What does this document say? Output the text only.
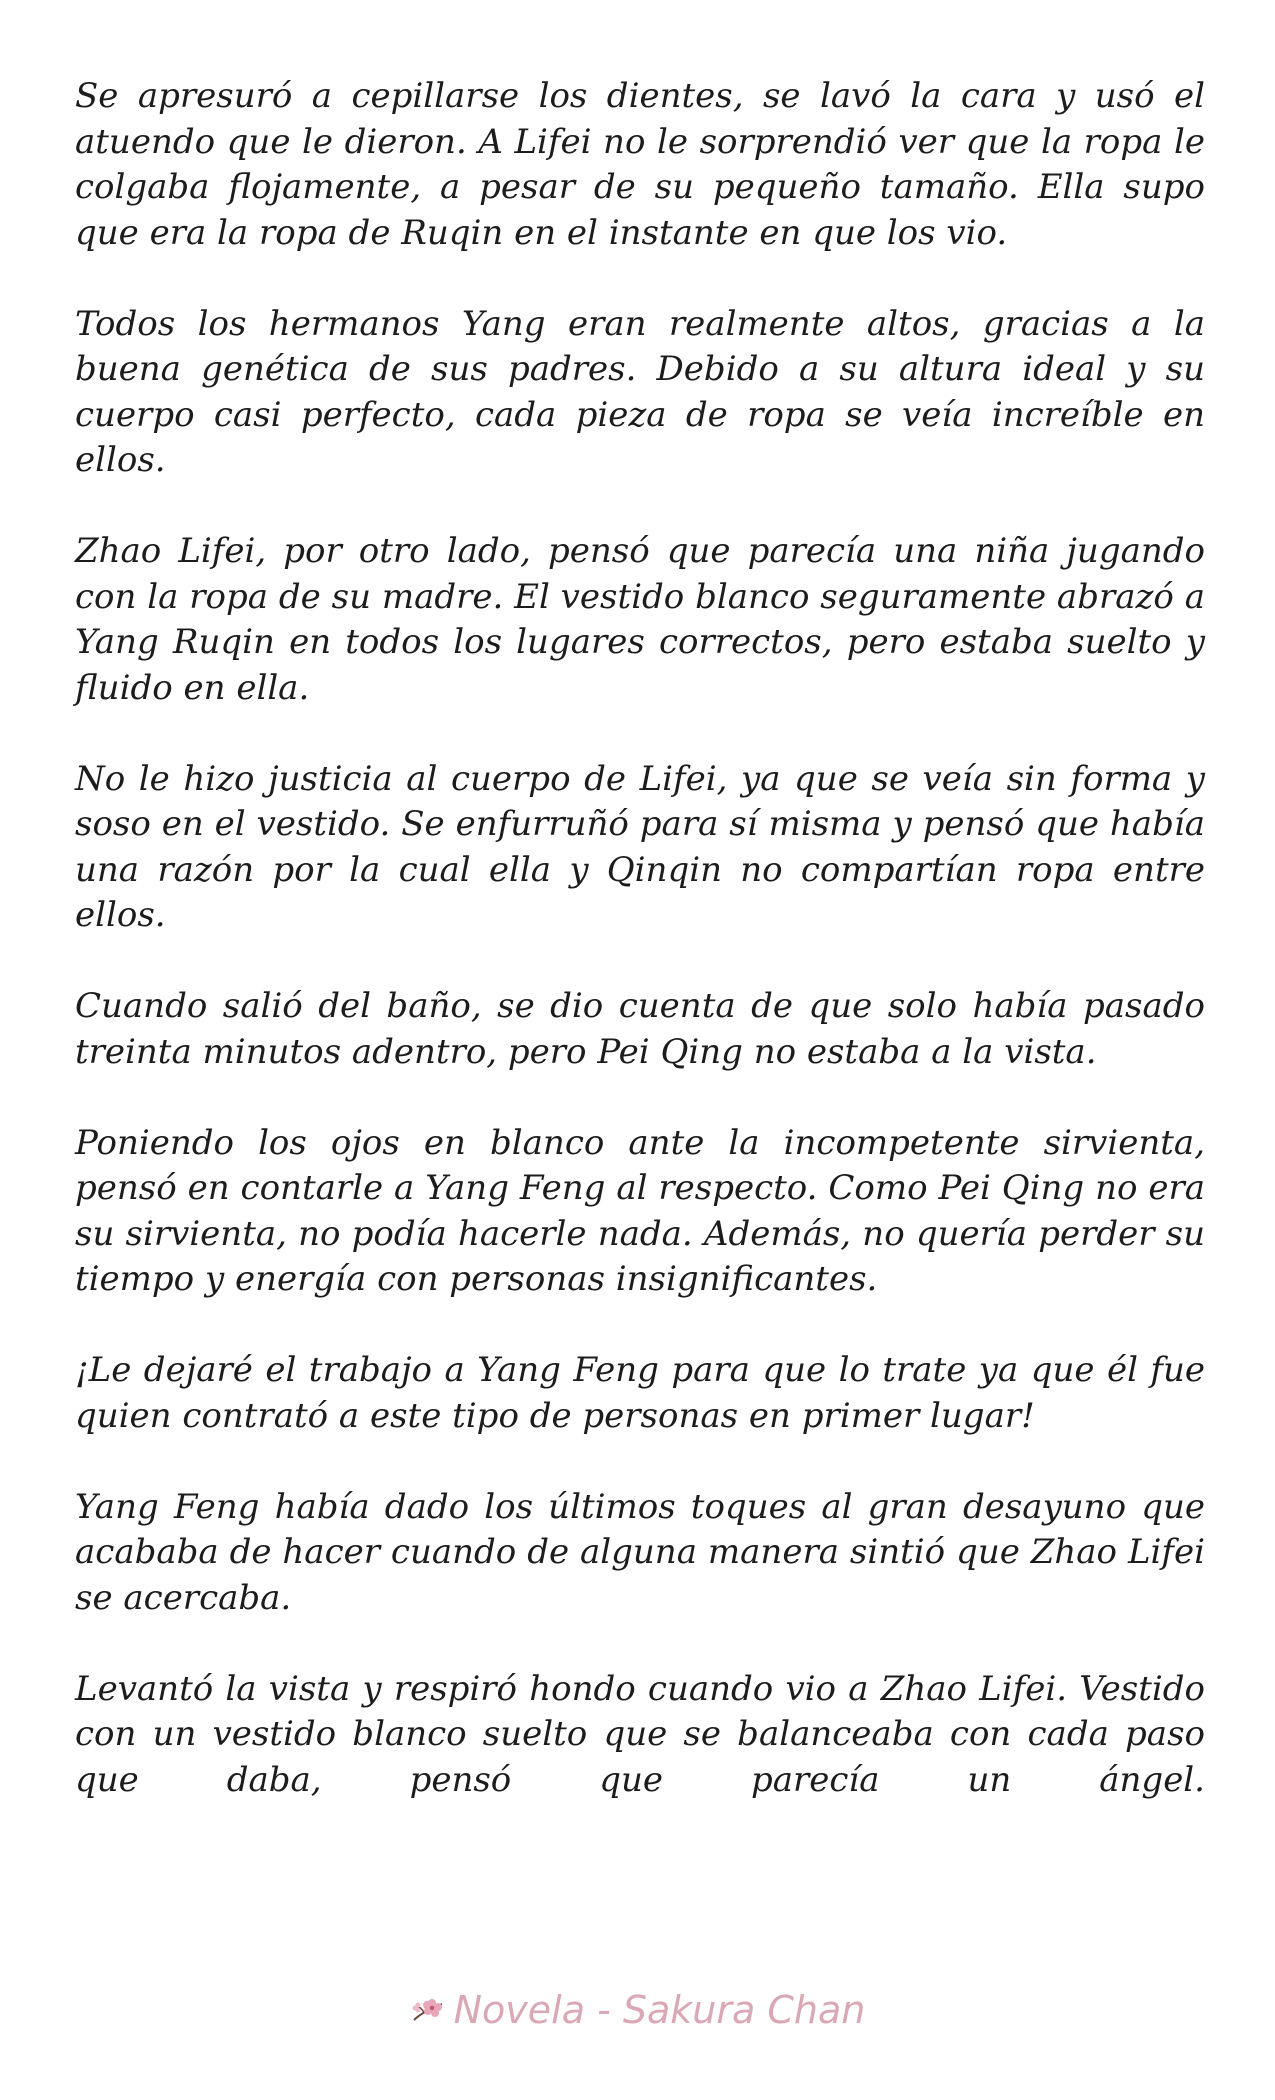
Se apresuró a cepillarse los dientes, se lavó la cara y usó el atuendo que le dieron. A Lifei no le sorprendió ver que la ropa le colgaba flojamente, a pesar de su pequeño tamaño. Ella supo que era la ropa de Ruqin en el instante en que los vio.

Todos los hermanos Yang eran realmente altos, gracias a la buena genética de sus padres. Debido a su altura ideal y su cuerpo casi perfecto, cada pieza de ropa se veía increíble en ellos.

Zhao Lifei, por otro lado, pensó que parecía una niña jugando con la ropa de su madre. El vestido blanco seguramente abrazó a Yang Ruqin en todos los lugares correctos, pero estaba suelto y fluido en ella.

No le hizo justicia al cuerpo de Lifei, ya que se veía sin forma y soso en el vestido. Se enfurruñó para sí misma y pensó que había una razón por la cual ella y Qinqin no compartían ropa entre ellos.

Cuando salió del baño, se dio cuenta de que solo había pasado treinta minutos adentro, pero Pei Qing no estaba a la vista.

Poniendo los ojos en blanco ante la incompetente sirvienta, pensó en contarle a Yang Feng al respecto. Como Pei Qing no era su sirvienta, no podía hacerle nada. Además, no quería perder su tiempo y energía con personas insignificantes.

¡Le dejaré el trabajo a Yang Feng para que lo trate ya que él fue quien contrató a este tipo de personas en primer lugar!

Yang Feng había dado los últimos toques al gran desayuno que acababa de hacer cuando de alguna manera sintió que Zhao Lifei se acercaba.

Levantó la vista y respiró hondo cuando vio a Zhao Lifei. Vestido con un vestido blanco suelto que se balanceaba con cada paso que daba, pensó que parecía un ángel.

Novela - Sakura Chan
